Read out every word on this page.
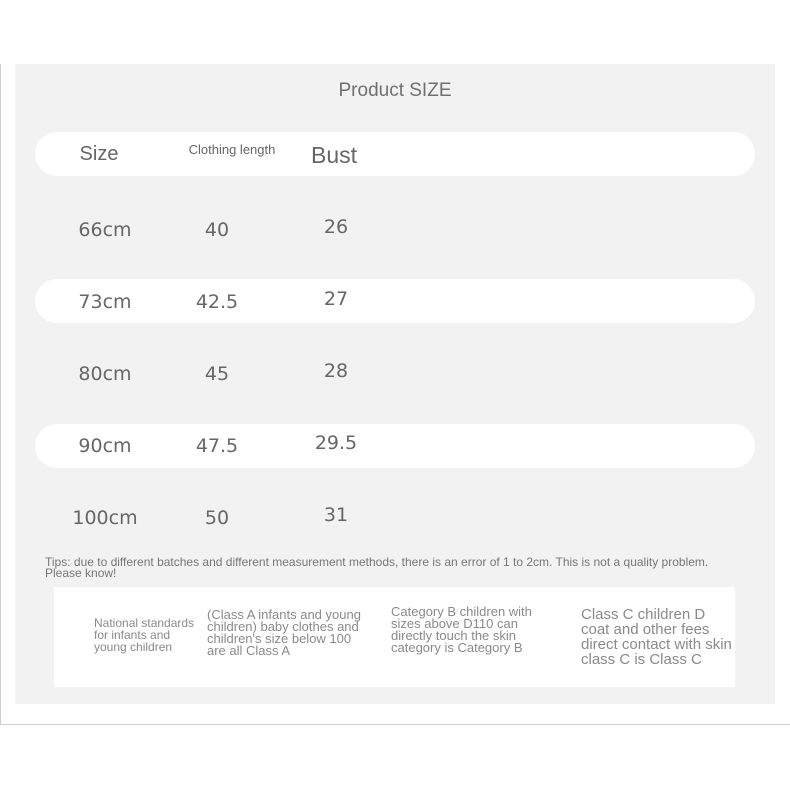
Product SIZE
Size	Clothing length	Bust
66cm	40	26
73cm	42.5	27
80cm	45	28
90cm	47.5	29.5
100cm	50	31
Tips: due to different batches and different measurement methods, there is an error of 1 to 2cm. This is not a quality problem. Please know!
National standards for infants and young children
(Class A infants and young children) baby clothes and children's size below 100 are all Class A
Category B children with sizes above D110 can directly touch the skin category is Category B
Class C children D coat and other fees direct contact with skin class C is Class C
